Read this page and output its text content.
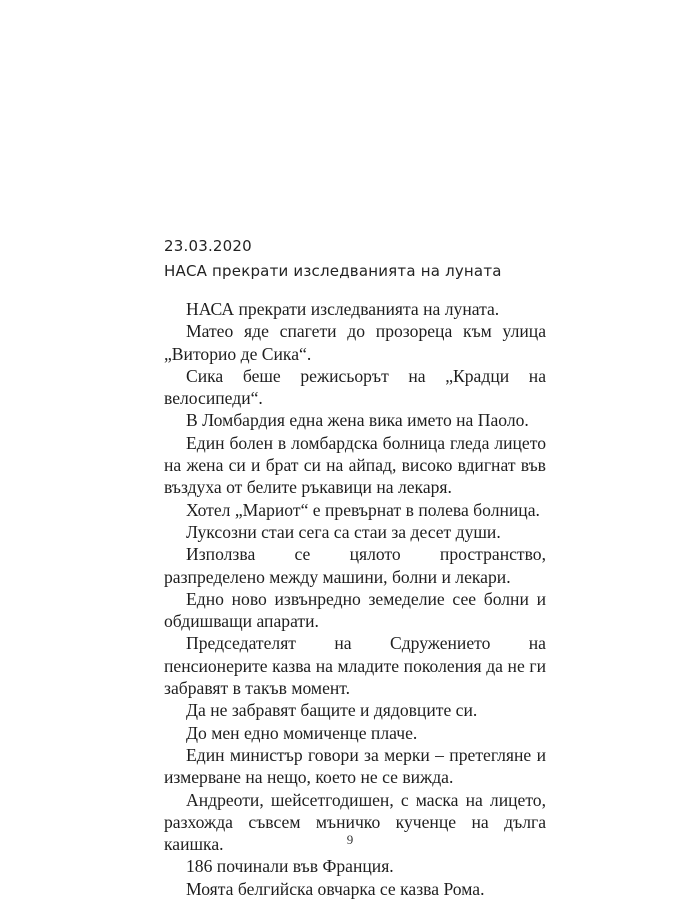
23.03.2020
НАСА прекрати изследванията на луната

НАСА прекрати изследванията на луната.

Матео яде спагети до прозореца към улица „Виторио де Сика“.

Сика беше режисьорът на „Крадци на велосипеди“.

В Ломбардия една жена вика името на Паоло.

Един болен в ломбардска болница гледа лицето на жена си и брат си на айпад, високо вдигнат във въздуха от белите ръкавици на лекаря.

Хотел „Мариот“ е превърнат в полева болница.

Луксозни стаи сега са стаи за десет души.

Използва се цялото пространство, разпределено между машини, болни и лекари.

Едно ново извънредно земеделие сее болни и обдишващи апарати.

Председателят на Сдружението на пенсионерите казва на младите поколения да не ги забравят в такъв момент.

Да не забравят бащите и дядовците си.

До мен едно момиченце плаче.

Един министър говори за мерки – претегляне и измерване на нещо, което не се вижда.

Андреоти, шейсетгодишен, с маска на лицето, разхожда съвсем мъничко кученце на дълга каишка.

186 починали във Франция.

Моята белгийска овчарка се казва Рома.

9
